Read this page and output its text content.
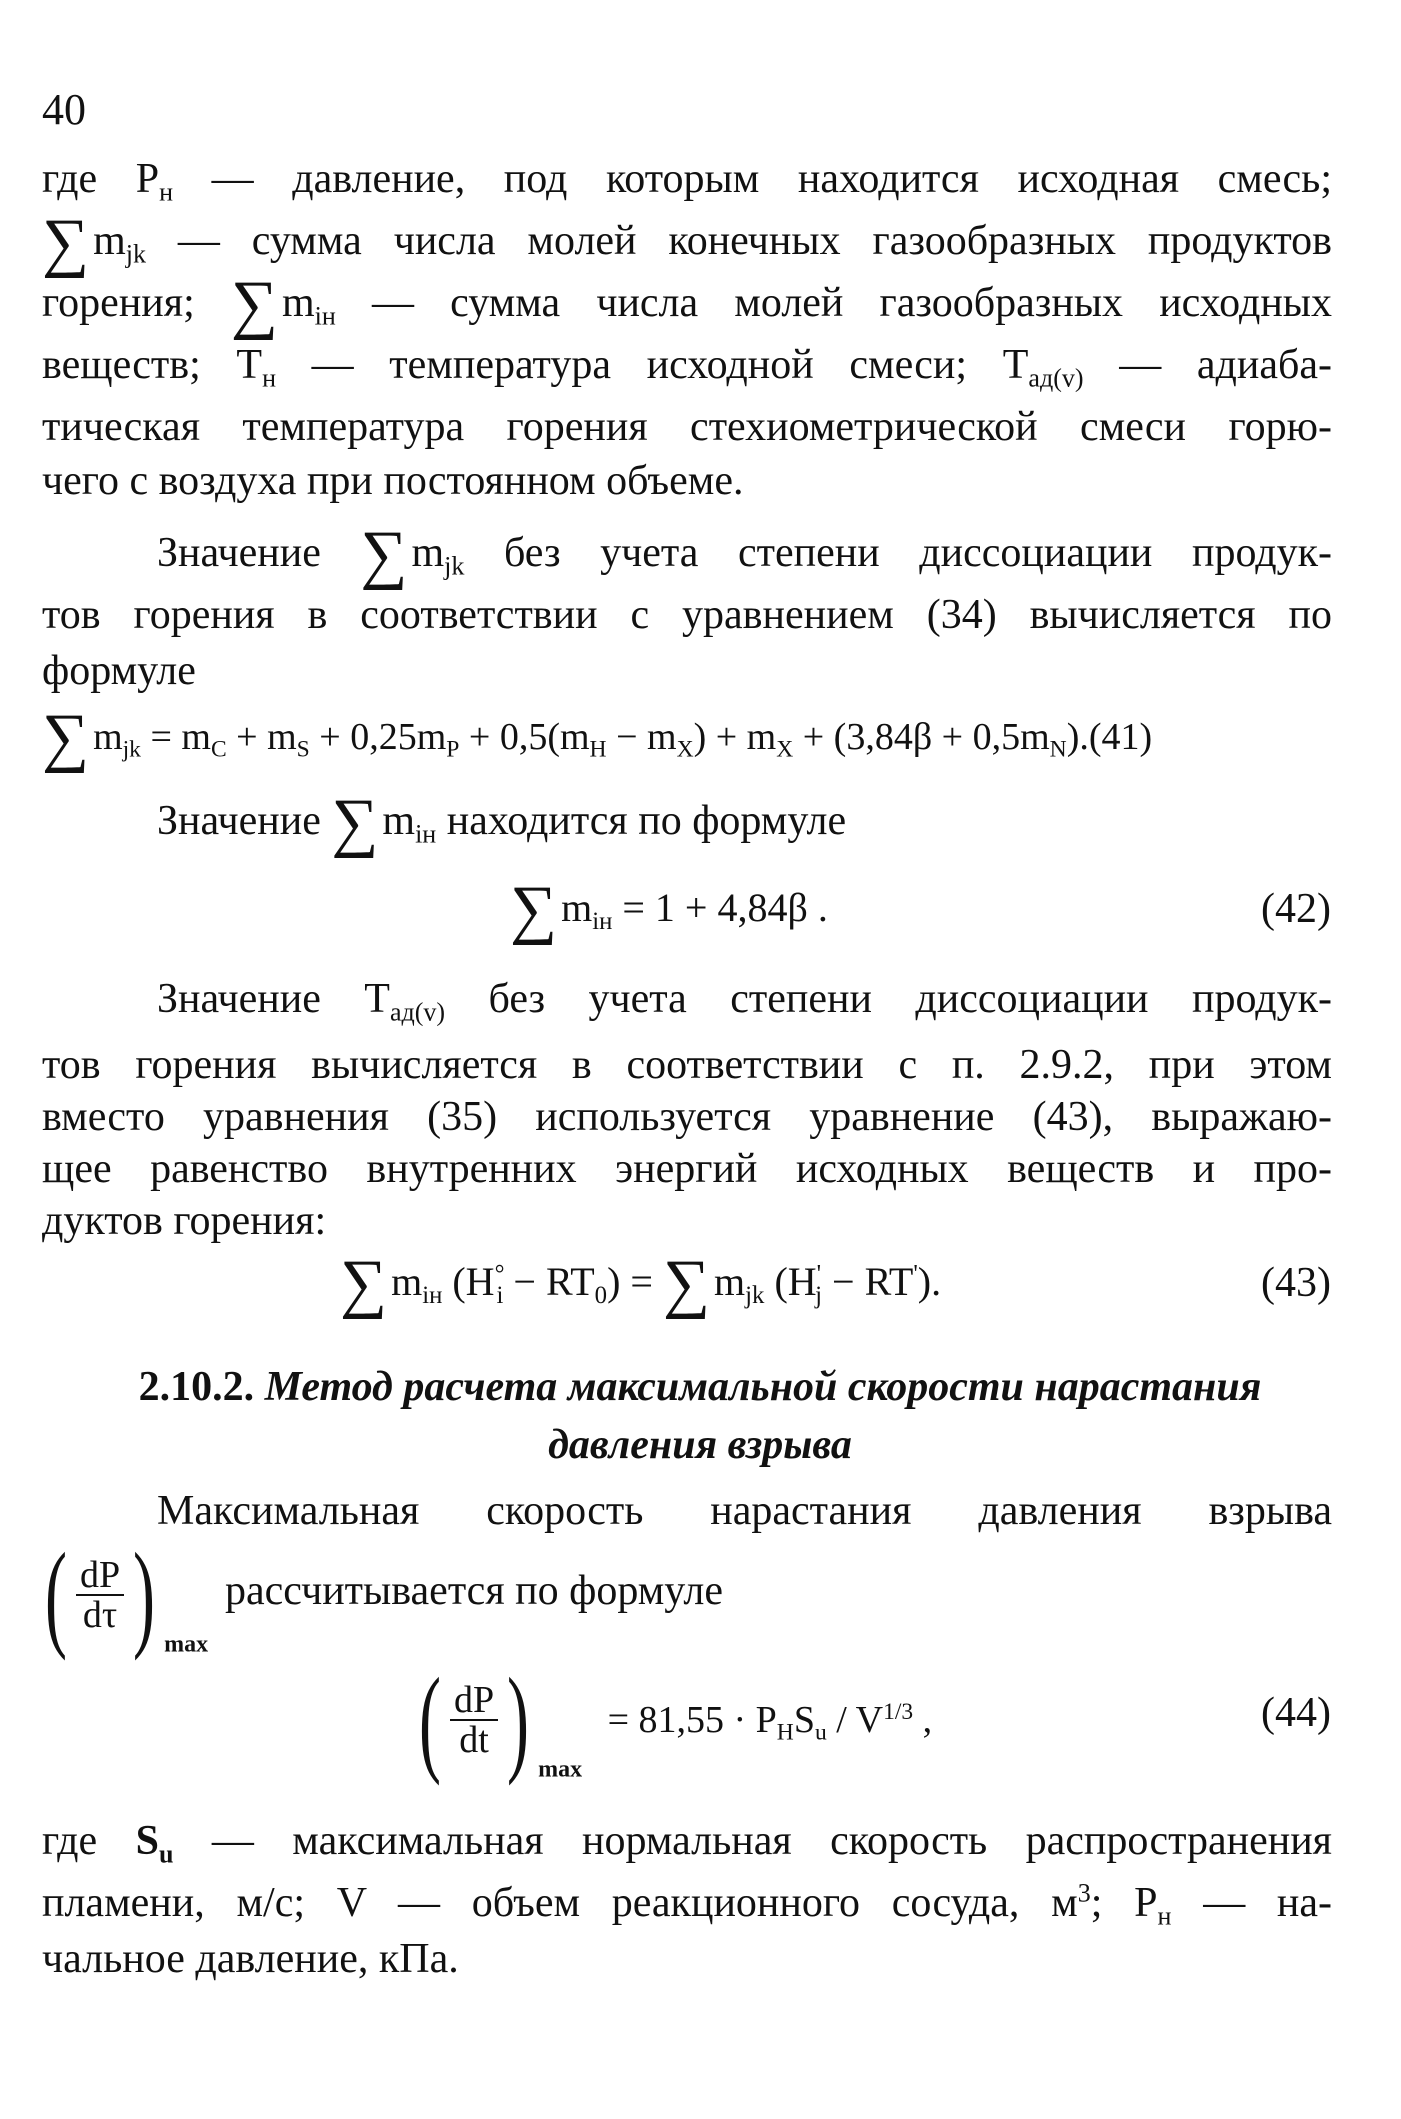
40
где $P_н$ — давление, под которым находится исходная смесь;
$\sum m_{jk}$ — сумма числа молей конечных газообразных продуктов
горения; $\sum m_{iн}$ — сумма числа молей газообразных исходных
веществ; $T_н$ — температура исходной смеси; $T_{ад(v)}$ — адиаба-
тическая температура горения стехиометрической смеси горю-
чего с воздуха при постоянном объеме.
Значение $\sum m_{jk}$ без учета степени диссоциации продук-
тов горения в соответствии с уравнением (34) вычисляется по
формуле
∑ $m_{jk} = m_C + m_S + 0,25m_P + 0,5(m_H - m_X) + m_X + (3,84\beta + 0,5m_N).(41)$
Значение $\sum m_{iн}$ находится по формуле
∑ $m_{iн} = 1 + 4,84\beta$ .	(42)
Значение $T_{ад(v)}$ без учета степени диссоциации продук-
тов горения вычисляется в соответствии с п. 2.9.2, при этом
вместо уравнения (35) используется уравнение (43), выражаю-
щее равенство внутренних энергий исходных веществ и про-
дуктов горения:
∑ $m_{iн}$ $(H^\circ_i - RT_0)$ = ∑ $m_{jk}$ $(H'_j - RT')$.	(43)
2.10.2. Метод расчета максимальной скорости нарастания
давления взрыва
Максимальная скорость нарастания давления взрыва
( $\frac{dP}{d\tau}$ ) $_{max}$
рассчитывается по формуле
( $\frac{dP}{dt}$ ) $_{max} = 81,55 \cdot P_HS_u / V^{1/3}$ ,	(44)
где $S_u$ — максимальная нормальная скорость распространения
пламени, м/с; V — объем реакционного сосуда, $м^3$; $P_н$ — на-
чальное давление, кПа.
